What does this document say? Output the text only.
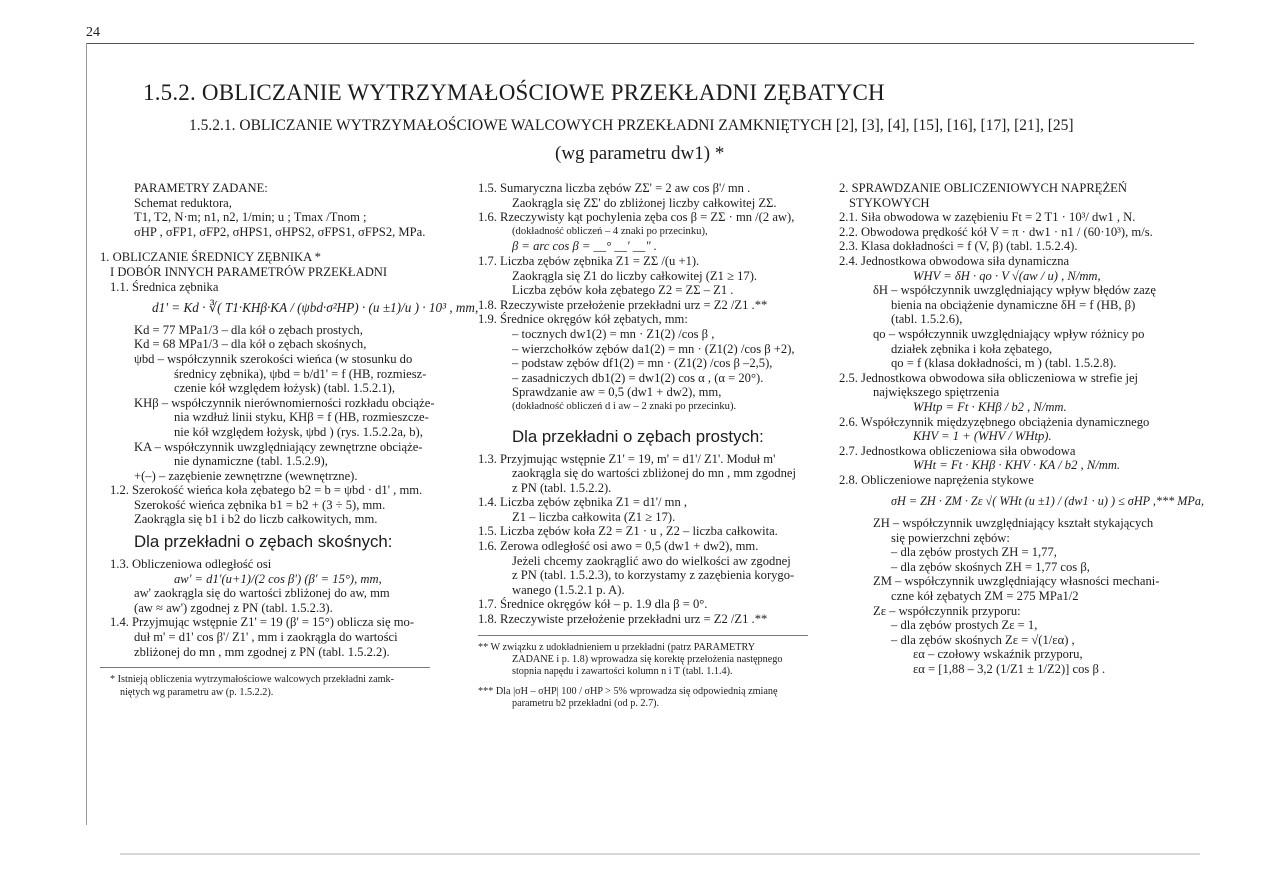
24
1.5.2. OBLICZANIE WYTRZYMAŁOŚCIOWE PRZEKŁADNI ZĘBATYCH
1.5.2.1. OBLICZANIE WYTRZYMAŁOŚCIOWE WALCOWYCH PRZEKŁADNI ZAMKNIĘTYCH [2], [3], [4], [15], [16], [17], [21], [25]
(wg parametru dw1) *

PARAMETRY ZADANE:

Schemat reduktora,

T1, T2, N·m; n1, n2, 1/min; u ; Tmax /Tnom ;

σHP , σFP1, σFP2, σHPS1, σHPS2, σFPS1, σFPS2, MPa.

1. OBLICZANIE ŚREDNICY ZĘBNIKA *

I DOBÓR INNYCH PARAMETRÓW PRZEKŁADNI

1.1. Średnica zębnika

d1' = Kd · ∛( T1·KHβ·KA / (ψbd·σ²HP) · (u ±1)/u ) · 10³ , mm,

Kd = 77 MPa1/3 – dla kół o zębach prostych,

Kd = 68 MPa1/3 – dla kół o zębach skośnych,

ψbd – współczynnik szerokości wieńca (w stosunku do

średnicy zębnika), ψbd = b/d1' = f (HB, rozmiesz-

czenie kół względem łożysk) (tabl. 1.5.2.1),

KHβ – współczynnik nierównomierności rozkładu obciąże-

nia wzdłuż linii styku, KHβ = f (HB, rozmieszcze-

nie kół względem łożysk, ψbd ) (rys. 1.5.2.2a, b),

KA – współczynnik uwzględniający zewnętrzne obciąże-

nie dynamiczne (tabl. 1.5.2.9),

+(–) – zazębienie zewnętrzne (wewnętrzne).

1.2. Szerokość wieńca koła zębatego b2 = b = ψbd · d1' , mm.

Szerokość wieńca zębnika b1 = b2 + (3 ÷ 5), mm.

Zaokrągla się b1 i b2 do liczb całkowitych, mm.

Dla przekładni o zębach skośnych:

1.3. Obliczeniowa odległość osi

aw' = d1'(u+1)/(2 cos β') (β' = 15°), mm,

aw' zaokrągla się do wartości zbliżonej do aw, mm

(aw ≈ aw') zgodnej z PN (tabl. 1.5.2.3).

1.4. Przyjmując wstępnie Z1' = 19 (β' = 15°) oblicza się mo-

duł m' = d1' cos β'/ Z1' , mm i zaokrągla do wartości

zbliżonej do mn , mm zgodnej z PN (tabl. 1.5.2.2).

* Istnieją obliczenia wytrzymałościowe walcowych przekładni zamk-

niętych wg parametru aw (p. 1.5.2.2).

1.5. Sumaryczna liczba zębów ZΣ' = 2 aw cos β'/ mn .

Zaokrągla się ZΣ' do zbliżonej liczby całkowitej ZΣ.

1.6. Rzeczywisty kąt pochylenia zęba cos β = ZΣ · mn /(2 aw),

(dokładność obliczeń – 4 znaki po przecinku),

β = arc cos β = __° __' __" .

1.7. Liczba zębów zębnika Z1 = ZΣ /(u +1).

Zaokrągla się Z1 do liczby całkowitej (Z1 ≥ 17).

Liczba zębów koła zębatego Z2 = ZΣ – Z1 .

1.8. Rzeczywiste przełożenie przekładni urz = Z2 /Z1 .**

1.9. Średnice okręgów kół zębatych, mm:

– tocznych dw1(2) = mn · Z1(2) /cos β ,

– wierzchołków zębów da1(2) = mn · (Z1(2) /cos β +2),

– podstaw zębów df1(2) = mn · (Z1(2) /cos β –2,5),

– zasadniczych db1(2) = dw1(2) cos α , (α = 20°).

Sprawdzanie aw = 0,5 (dw1 + dw2), mm,

(dokładność obliczeń d i aw – 2 znaki po przecinku).

Dla przekładni o zębach prostych:

1.3. Przyjmując wstępnie Z1' = 19, m' = d1'/ Z1'. Moduł m'

zaokrągla się do wartości zbliżonej do mn , mm zgodnej

z PN (tabl. 1.5.2.2).

1.4. Liczba zębów zębnika Z1 = d1'/ mn ,

Z1 – liczba całkowita (Z1 ≥ 17).

1.5. Liczba zębów koła Z2 = Z1 · u , Z2 – liczba całkowita.

1.6. Zerowa odległość osi awo = 0,5 (dw1 + dw2), mm.

Jeżeli chcemy zaokrąglić awo do wielkości aw zgodnej

z PN (tabl. 1.5.2.3), to korzystamy z zazębienia korygo-

wanego (1.5.2.1 p. A).

1.7. Średnice okręgów kół – p. 1.9 dla β = 0°.

1.8. Rzeczywiste przełożenie przekładni urz = Z2 /Z1 .**

** W związku z udokładnieniem u przekładni (patrz PARAMETRY

ZADANE i p. 1.8) wprowadza się korektę przełożenia następnego

stopnia napędu i zawartości kolumn n i T (tabl. 1.1.4).

*** Dla |σH – σHP| 100 / σHP > 5% wprowadza się odpowiednią zmianę

parametru b2 przekładni (od p. 2.7).

2. SPRAWDZANIE OBLICZENIOWYCH NAPRĘŻEŃ

STYKOWYCH

2.1. Siła obwodowa w zazębieniu Ft = 2 T1 · 10³/ dw1 , N.

2.2. Obwodowa prędkość kół V = π · dw1 · n1 / (60·10³), m/s.

2.3. Klasa dokładności = f (V, β) (tabl. 1.5.2.4).

2.4. Jednostkowa obwodowa siła dynamiczna

WHV = δH · qo · V √(aw / u) , N/mm,

δH – współczynnik uwzględniający wpływ błędów zazę

bienia na obciążenie dynamiczne δH = f (HB, β)

(tabl. 1.5.2.6),

qo – współczynnik uwzględniający wpływ różnicy po

działek zębnika i koła zębatego,

qo = f (klasa dokładności, m ) (tabl. 1.5.2.8).

2.5. Jednostkowa obwodowa siła obliczeniowa w strefie jej

największego spiętrzenia

WHtp = Ft · KHβ / b2 , N/mm.

2.6. Współczynnik międzyzębnego obciążenia dynamicznego

KHV = 1 + (WHV / WHtp).

2.7. Jednostkowa obliczeniowa siła obwodowa

WHt = Ft · KHβ · KHV · KA / b2 , N/mm.

2.8. Obliczeniowe naprężenia stykowe

σH = ZH · ZM · Zε √( WHt (u ±1) / (dw1 · u) ) ≤ σHP ,*** MPa,

ZH – współczynnik uwzględniający kształt stykających

się powierzchni zębów:

– dla zębów prostych ZH = 1,77,

– dla zębów skośnych ZH = 1,77 cos β,

ZM – współczynnik uwzględniający własności mechani-

czne kół zębatych ZM = 275 MPa1/2

Zε – współczynnik przyporu:

– dla zębów prostych Zε = 1,

– dla zębów skośnych Zε = √(1/εα) ,

εα – czołowy wskaźnik przyporu,

εα = [1,88 – 3,2 (1/Z1 ± 1/Z2)] cos β .
